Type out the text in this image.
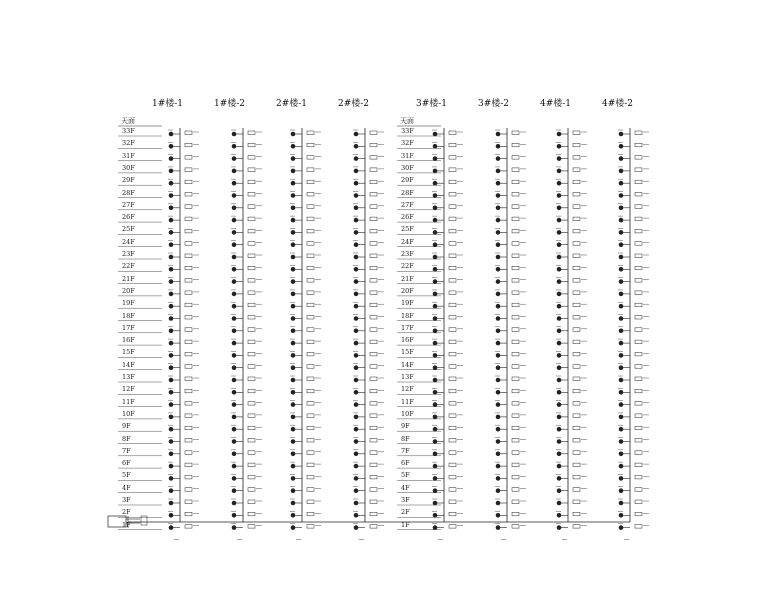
1#楼-1	1#楼-2	2#楼-1	2#楼-2	3#楼-1	3#楼-2	4#楼-1	4#楼-2
天面
33F
32F
31F
30F
29F
28F
27F
26F
25F
24F
23F
22F
21F
20F
19F
18F
17F
16F
15F
14F
13F
12F
11F
10F
9F
8F
7F
6F
5F
4F
3F
2F
1F
天面
33F
32F
31F
30F
29F
28F
27F
26F
25F
24F
23F
22F
21F
20F
19F
18F
17F
16F
15F
14F
13F
12F
11F
10F
9F
8F
7F
6F
5F
4F
3F
2F
1F
